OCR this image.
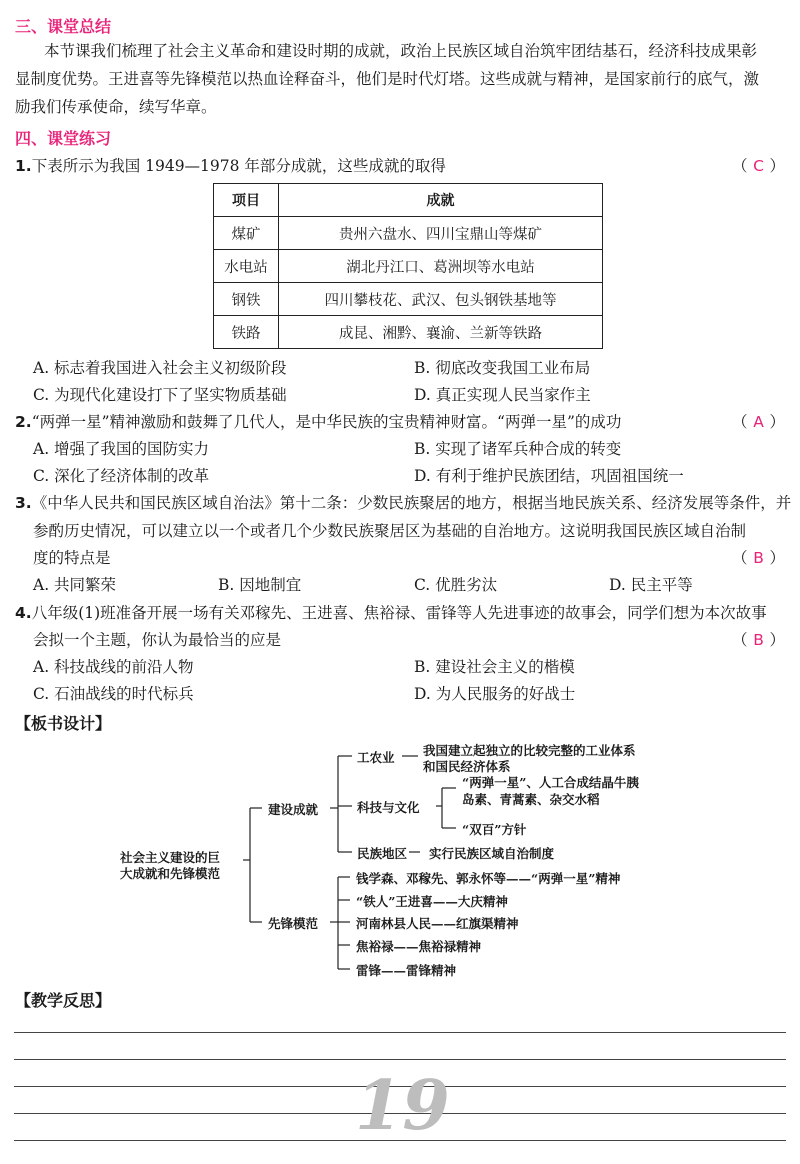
三、课堂总结
本节课我们梳理了社会主义革命和建设时期的成就，政治上民族区域自治筑牢团结基石，经济科技成果彰
显制度优势。王进喜等先锋模范以热血诠释奋斗，他们是时代灯塔。这些成就与精神，是国家前行的底气，激
励我们传承使命，续写华章。
四、课堂练习
1.下表所示为我国 1949—1978 年部分成就，这些成就的取得	（ C ）
项目	成就
煤矿	贵州六盘水、四川宝鼎山等煤矿
水电站	湖北丹江口、葛洲坝等水电站
钢铁	四川攀枝花、武汉、包头钢铁基地等
铁路	成昆、湘黔、襄渝、兰新等铁路
A. 标志着我国进入社会主义初级阶段	B. 彻底改变我国工业布局
C. 为现代化建设打下了坚实物质基础	D. 真正实现人民当家作主
2.“两弹一星”精神激励和鼓舞了几代人，是中华民族的宝贵精神财富。“两弹一星”的成功	（ A ）
A. 增强了我国的国防实力	B. 实现了诸军兵种合成的转变
C. 深化了经济体制的改革	D. 有利于维护民族团结，巩固祖国统一
3.《中华人民共和国民族区域自治法》第十二条：少数民族聚居的地方，根据当地民族关系、经济发展等条件，并
参酌历史情况，可以建立以一个或者几个少数民族聚居区为基础的自治地方。这说明我国民族区域自治制
度的特点是	（ B ）
A. 共同繁荣	B. 因地制宜	C. 优胜劣汰	D. 民主平等
4.八年级(1)班准备开展一场有关邓稼先、王进喜、焦裕禄、雷锋等人先进事迹的故事会，同学们想为本次故事
会拟一个主题，你认为最恰当的应是	（ B ）
A. 科技战线的前沿人物	B. 建设社会主义的楷模
C. 石油战线的时代标兵	D. 为人民服务的好战士
【板书设计】
社会主义建设的巨
大成就和先锋模范
建设成就
工农业 我国建立起独立的比较完整的工业体系
和国民经济体系
科技与文化
“两弹一星”、人工合成结晶牛胰
岛素、青蒿素、杂交水稻
“双百”方针
民族地区 实行民族区域自治制度
先锋模范
钱学森、邓稼先、郭永怀等——“两弹一星”精神
“铁人”王进喜——大庆精神
河南林县人民——红旗渠精神
焦裕禄——焦裕禄精神
雷锋——雷锋精神
【教学反思】
19
